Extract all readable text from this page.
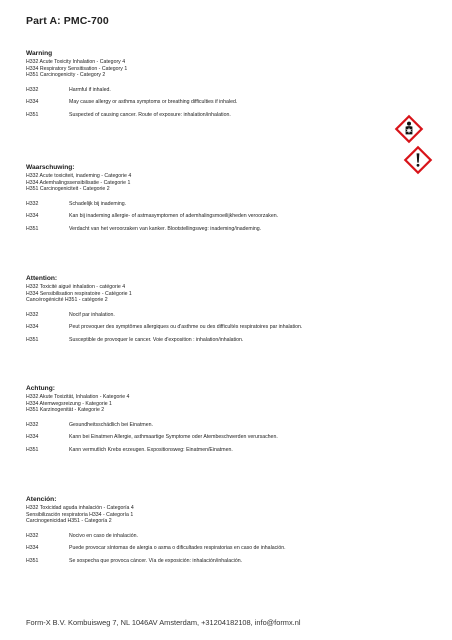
Part A: PMC-700
Warning
H332 Acute Toxicity Inhalation - Category 4
H334 Respiratory Sensitisation - Category 1
H351 Carcinogenicity - Category 2
H332	Harmful if inhaled.
H334	May cause allergy or asthma symptoms or breathing difficulties if inhaled.
H351	Suspected of causing cancer. Route of exposure: inhalation/inhalation.
Waarschuwing:
H332 Acute toxiciteit, inademing - Categorie 4
H334 Ademhalingssensibilisatie - Categorie 1
H351 Carcinogeniciteit - Categorie 2
H332	Schadelijk bij inademing.
H334	Kan bij inademing allergie- of astmasymptomen of ademhalingsmoeilijkheden veroorzaken.
H351	Verdacht van het veroorzaken van kanker. Blootstellingsweg: inademing/inademing.
Attention:
H332 Toxicité aiguë inhalation - catégorie 4
H334 Sensibilisation respiratoire - Catégorie 1
Cancérogénicité H351 - catégorie 2
H332	Nocif par inhalation.
H334	Peut provoquer des symptômes allergiques ou d'asthme ou des difficultés respiratoires par inhalation.
H351	Susceptible de provoquer le cancer. Voie d'exposition : inhalation/inhalation.
Achtung:
H332 Akute Toxizität, Inhalation - Kategorie 4
H334 Atemwegsreizung - Kategorie 1
H351 Karzinogenität - Kategorie 2
H332	Gesundheitsschädlich bei Einatmen.
H334	Kann bei Einatmen Allergie, asthmaartige Symptome oder Atembeschwerden verursachen.
H351	Kann vermutlich Krebs erzeugen. Expositionsweg: Einatmen/Einatmen.
Atención:
H332 Toxicidad aguda inhalación - Categoría 4
Sensibilización respiratoria H334 - Categoría 1
Carcinogenicidad H351 - Categoría 2
H332	Nocivo en caso de inhalación.
H334	Puede provocar síntomas de alergia o asma o dificultades respiratorias en caso de inhalación.
H351	Se sospecha que provoca cáncer. Vía de exposición: inhalación/inhalación.
Form-X B.V. Kombuisweg 7, NL 1046AV Amsterdam, +31204182108, info@formx.nl
